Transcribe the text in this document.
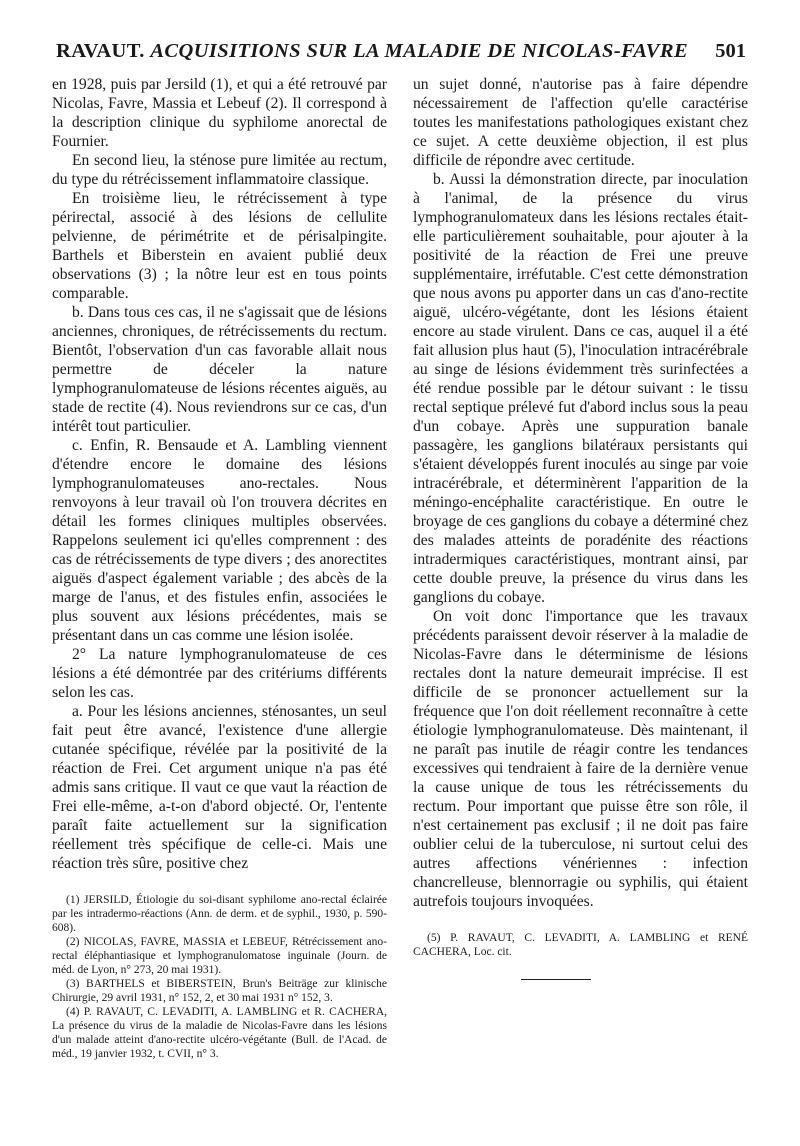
RAVAUT. ACQUISITIONS SUR LA MALADIE DE NICOLAS-FAVRE 501

en 1928, puis par Jersild (1), et qui a été retrouvé par Nicolas, Favre, Massia et Lebeuf (2). Il correspond à la description clinique du syphilome anorectal de Fournier.

En second lieu, la sténose pure limitée au rectum, du type du rétrécissement inflammatoire classique.

En troisième lieu, le rétrécissement à type périrectal, associé à des lésions de cellulite pelvienne, de périmétrite et de périsalpingite. Barthels et Biberstein en avaient publié deux observations (3) ; la nôtre leur est en tous points comparable.

b. Dans tous ces cas, il ne s'agissait que de lésions anciennes, chroniques, de rétrécissements du rectum. Bientôt, l'observation d'un cas favorable allait nous permettre de déceler la nature lymphogranulomateuse de lésions récentes aiguës, au stade de rectite (4). Nous reviendrons sur ce cas, d'un intérêt tout particulier.

c. Enfin, R. Bensaude et A. Lambling viennent d'étendre encore le domaine des lésions lymphogranulomateuses ano-rectales. Nous renvoyons à leur travail où l'on trouvera décrites en détail les formes cliniques multiples observées. Rappelons seulement ici qu'elles comprennent : des cas de rétrécissements de type divers ; des anorectites aiguës d'aspect également variable ; des abcès de la marge de l'anus, et des fistules enfin, associées le plus souvent aux lésions précédentes, mais se présentant dans un cas comme une lésion isolée.

2° La nature lymphogranulomateuse de ces lésions a été démontrée par des critériums différents selon les cas.

a. Pour les lésions anciennes, sténosantes, un seul fait peut être avancé, l'existence d'une allergie cutanée spécifique, révélée par la positivité de la réaction de Frei. Cet argument unique n'a pas été admis sans critique. Il vaut ce que vaut la réaction de Frei elle-même, a-t-on d'abord objecté. Or, l'entente paraît faite actuellement sur la signification réellement très spécifique de celle-ci. Mais une réaction très sûre, positive chez

(1) JERSILD, Étiologie du soi-disant syphilome ano-rectal éclairée par les intradermo-réactions (Ann. de derm. et de syphil., 1930, p. 590-608).

(2) NICOLAS, FAVRE, MASSIA et LEBEUF, Rétrécissement ano-rectal éléphantiasique et lymphogranulomatose inguinale (Journ. de méd. de Lyon, n° 273, 20 mai 1931).

(3) BARTHELS et BIBERSTEIN, Brun's Beiträge zur klinische Chirurgie, 29 avril 1931, n° 152, 2, et 30 mai 1931 n° 152, 3.

(4) P. RAVAUT, C. LEVADITI, A. LAMBLING et R. CACHERA, La présence du virus de la maladie de Nicolas-Favre dans les lésions d'un malade atteint d'ano-rectite ulcéro-végétante (Bull. de l'Acad. de méd., 19 janvier 1932, t. CVII, n° 3.

un sujet donné, n'autorise pas à faire dépendre nécessairement de l'affection qu'elle caractérise toutes les manifestations pathologiques existant chez ce sujet. A cette deuxième objection, il est plus difficile de répondre avec certitude.

b. Aussi la démonstration directe, par inoculation à l'animal, de la présence du virus lymphogranulomateux dans les lésions rectales était-elle particulièrement souhaitable, pour ajouter à la positivité de la réaction de Frei une preuve supplémentaire, irréfutable. C'est cette démonstration que nous avons pu apporter dans un cas d'ano-rectite aiguë, ulcéro-végétante, dont les lésions étaient encore au stade virulent. Dans ce cas, auquel il a été fait allusion plus haut (5), l'inoculation intracérébrale au singe de lésions évidemment très surinfectées a été rendue possible par le détour suivant : le tissu rectal septique prélevé fut d'abord inclus sous la peau d'un cobaye. Après une suppuration banale passagère, les ganglions bilatéraux persistants qui s'étaient développés furent inoculés au singe par voie intracérébrale, et déterminèrent l'apparition de la méningo-encéphalite caractéristique. En outre le broyage de ces ganglions du cobaye a déterminé chez des malades atteints de poradénite des réactions intradermiques caractéristiques, montrant ainsi, par cette double preuve, la présence du virus dans les ganglions du cobaye.

On voit donc l'importance que les travaux précédents paraissent devoir réserver à la maladie de Nicolas-Favre dans le déterminisme de lésions rectales dont la nature demeurait imprécise. Il est difficile de se prononcer actuellement sur la fréquence que l'on doit réellement reconnaître à cette étiologie lymphogranulomateuse. Dès maintenant, il ne paraît pas inutile de réagir contre les tendances excessives qui tendraient à faire de la dernière venue la cause unique de tous les rétrécissements du rectum. Pour important que puisse être son rôle, il n'est certainement pas exclusif ; il ne doit pas faire oublier celui de la tuberculose, ni surtout celui des autres affections vénériennes : infection chancrelleuse, blennorragie ou syphilis, qui étaient autrefois toujours invoquées.

(5) P. RAVAUT, C. LEVADITI, A. LAMBLING et RENÉ CACHERA, Loc. cit.
